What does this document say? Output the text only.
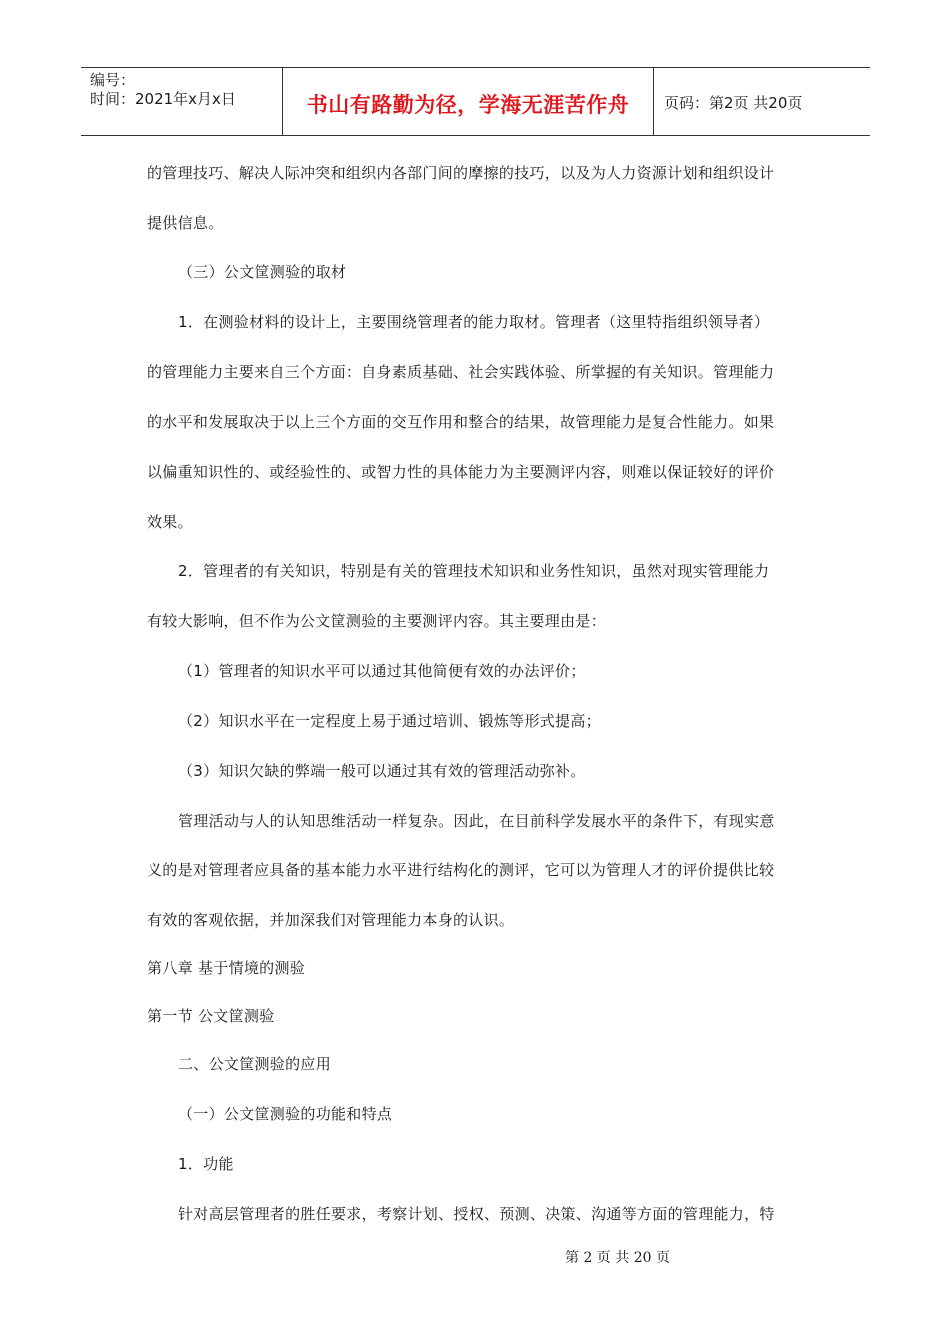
编号：
时间：2021年x月x日	书山有路勤为径，学海无涯苦作舟 页码：第2页 共20页
的管理技巧、解决人际冲突和组织内各部门间的摩擦的技巧，以及为人力资源计划和组织设计
提供信息。
（三）公文筐测验的取材
1．在测验材料的设计上，主要围绕管理者的能力取材。管理者（这里特指组织领导者）
的管理能力主要来自三个方面：自身素质基础、社会实践体验、所掌握的有关知识。管理能力
的水平和发展取决于以上三个方面的交互作用和整合的结果，故管理能力是复合性能力。如果
以偏重知识性的、或经验性的、或智力性的具体能力为主要测评内容，则难以保证较好的评价
效果。
2．管理者的有关知识，特别是有关的管理技术知识和业务性知识，虽然对现实管理能力
有较大影响，但不作为公文筐测验的主要测评内容。其主要理由是：
（1）管理者的知识水平可以通过其他简便有效的办法评价；
（2）知识水平在一定程度上易于通过培训、锻炼等形式提高；
（3）知识欠缺的弊端一般可以通过其有效的管理活动弥补。
管理活动与人的认知思维活动一样复杂。因此，在目前科学发展水平的条件下，有现实意
义的是对管理者应具备的基本能力水平进行结构化的测评，它可以为管理人才的评价提供比较
有效的客观依据，并加深我们对管理能力本身的认识。
第八章 基于情境的测验
第一节 公文筐测验
二、公文筐测验的应用
（一）公文筐测验的功能和特点
1．功能
针对高层管理者的胜任要求，考察计划、授权、预测、决策、沟通等方面的管理能力，特
第 2 页 共 20 页
